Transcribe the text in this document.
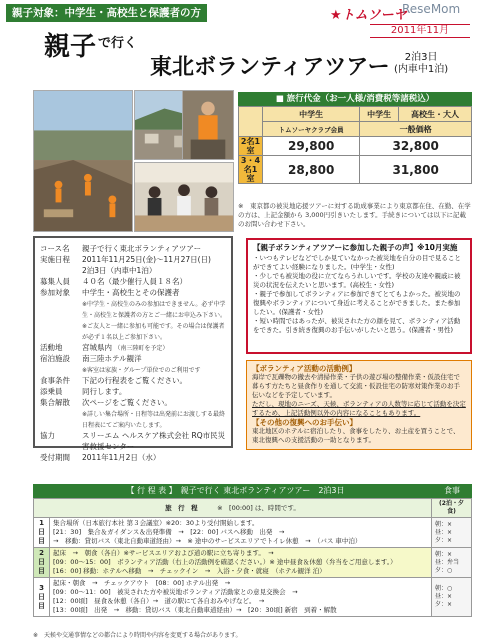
親子対象：中学生・高校生と保護者の方	★トムソーヤ
ReseMom
2011年11月
親子 $^{で行く}$
東北ボランティアツアー	2泊3日
(内車中1泊)
■ 旅行代金（お一人様/消費税等諸税込）
	中学生	中学生	高校生・大人
	トムソーヤクラブ会員	一般価格	
2名1室	29,800	32,800	
3・4名1室	28,800	31,800	
※　東京都の被災地応援ツアーに対する助成事業により東京都在住、在勤、在学の方は、上記金額から 3,000円引きいたします。手続きについては以下に記載のお問い合わせ下さい。
コース名	親子で行く東北ボランティアツアー
実施日程	2011年11月25日(金)〜11月27日(日)
2泊3日（内車中1泊）
募集人員	４０名（最少催行人員１８名）
参加対象	中学生・高校生とその保護者
※中学生・高校生のみの参加はできません。必ず中学生・高校生と保護者の方とご一緒にお申込み下さい。※ご友人と一緒に参加も可能です。その場合は保護者が必ず１名以上ご参加下さい。
活動地	宮城県内 （南三陸町を予定）
宿泊施設	南三陸ホテル観洋
※客室は家族・グループ単位でのご利用です
食事条件	下記の行程表をご覧ください。
添乗員	同行します。
集合解散	次ページをご覧ください。
※詳しい集合場所・日程等は出発前にお渡しする最終日程表にてご案内いたします。
協力	スリーエム ヘルスケア株式会社 RQ市民災害救援センター
受付期間	2011年11月2日（水）
【親子ボランティアツアーに参加した親子の声】※10月実施
・いつもテレビなどでしか見ていなかった被災地を自分の目で見ることができてよい経験になりました。(中学生・女性)
・少しでも被災地の役に立てならうれしいです。学校の友達や親戚に被災の状況を伝えたいと思います。(高校生・女性)
・親子で参加してボランティアに参加できてとてもよかった。被災地の復興やボランティアについて身近に考えることができました。また参加したい。(保護者・女性)
・短い時間ではあったが、被災された方の顔を見て、ボランティア活動をできた。引き続き復興のお手伝いがしたいと思う。(保護者・男性)
【ボランティア活動の活動例】
海岸で瓦礫物の撤去や清掃作業・子供の遊び場の整備作業・仮設住宅で暮らす方たちと昼食作りを通して交流・仮設住宅の防寒対策作業のお手伝いなどを予定しています。
ただし、現地のニーズ、天候、ボランティアの人数等に応じて活動を決定するため、上記活動例以外の内容になることもあります。
【その他の復興へのお手伝い】
東北地区のホテルに宿泊したり、食事をしたり、お土産を買うことで、東北復興への支援活動の一助となります。
【 行 程 表 】　親子で行く 東北ボランティアツアー　2泊3日	食事
旅　行　程　　　 ※　[00:00] は、時間です。		(2泊・夕食)
1日目	集合場所（日本旅行本社 第３会議室）※20：30より受付開始します。
[21：30]　集合＆ガイダンス＆出発準備　→　[22：00] バスへ移動　出発　→
→　移動：貸切バス（東北自動車道経由）→　※ 途中のサービスエリアでトイレ休憩　→　（バス 車中泊）	朝：×　昼：×　夕：×
2日目	起床　→　朝食（各自）※サービスエリアおよび道の駅に立ち寄ります。　→
[09：00〜15：00]　ボランティア活動（右上の活動例を確認ください。）※ 途中昼食＆休憩（弁当をご用意します。）
[16：00] 移動：ホテルへ移動　→　チェックイン　→　入浴・夕食・就寝　（ホテル観洋 泊）	朝：×　昼：弁当　夕：○
3日目	起床・朝食　→　チェックアウト　[08：00] ホテル出発　→
[09：00〜11：00]　被災された方や被災地ボランティア活動家との意見交換会　→
[12：00頃]　昼食＆休憩（各自）→　道の駅にて各自おみやげなど。　→
[13：00頃]　出発　→　移動：貸切バス（東北自動車道経由）→　[20：30頃] 新宿　到着・解散	朝：○　昼：×　夕：×
※　天候や交通事情などの都合により時間や内容を変更する場合があります。
